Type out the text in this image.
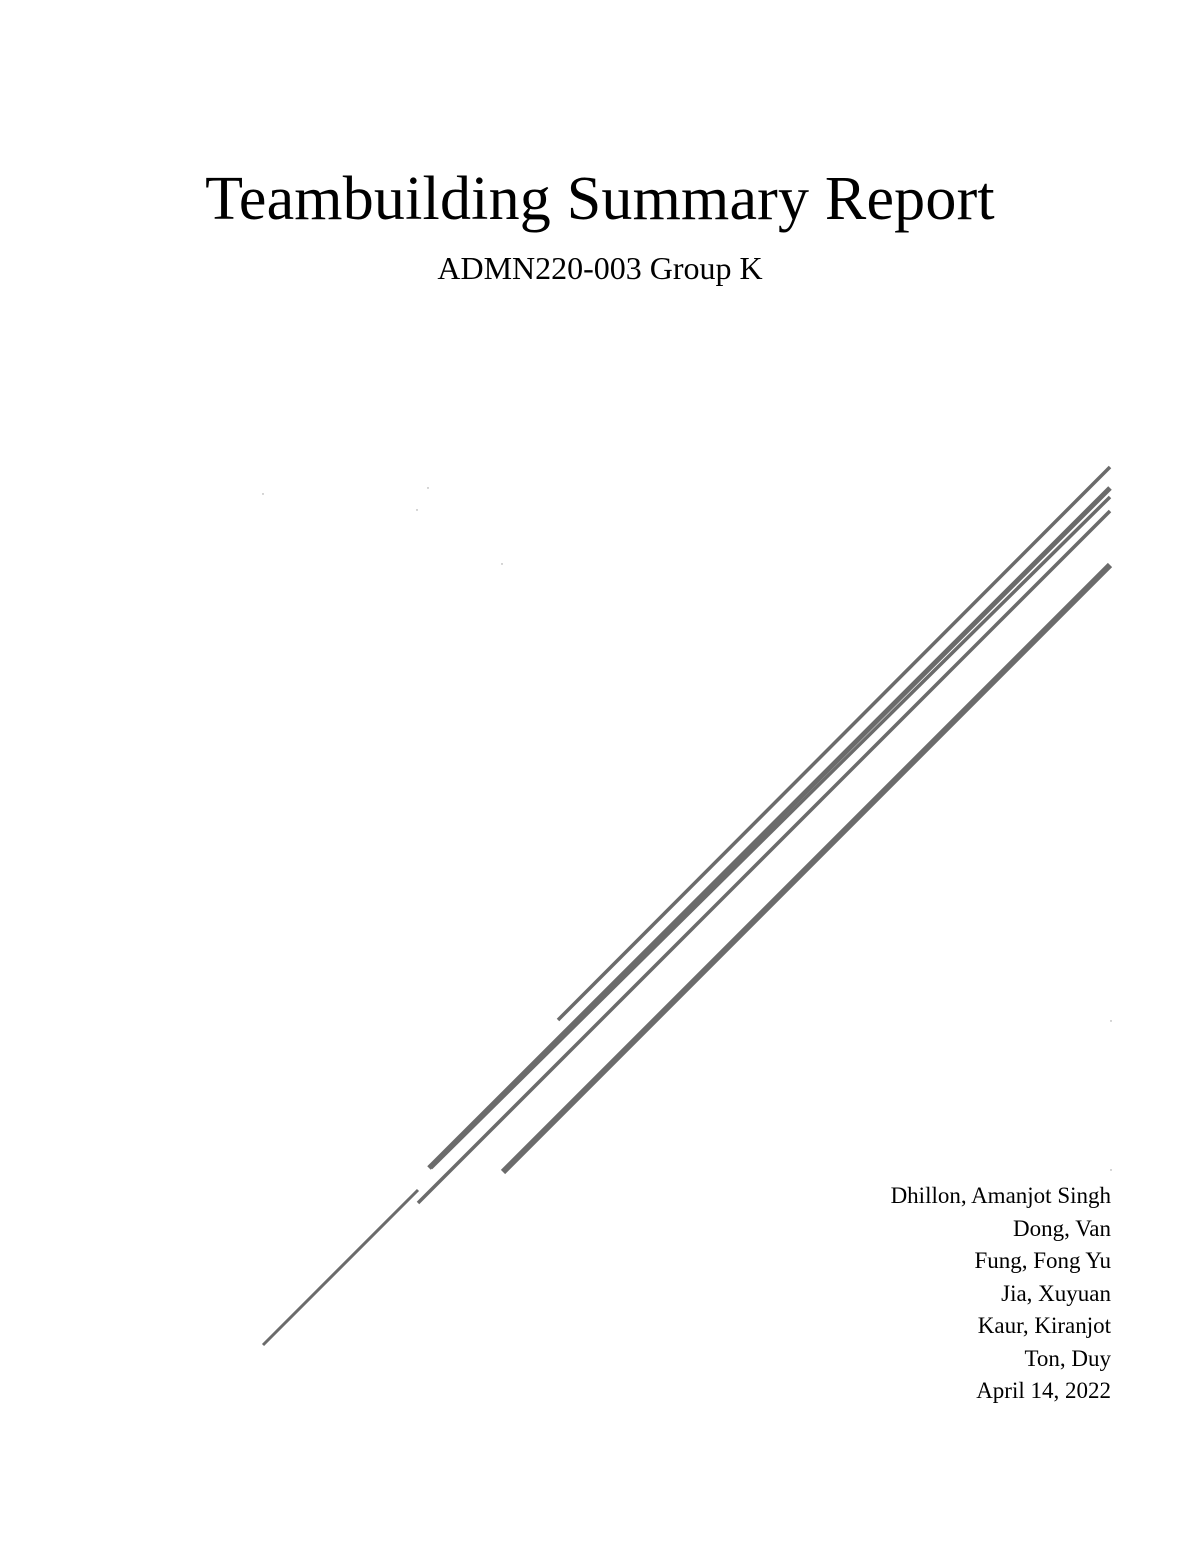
Teambuilding Summary Report
ADMN220-003 Group K
Dhillon, Amanjot Singh
Dong, Van
Fung, Fong Yu
Jia, Xuyuan
Kaur, Kiranjot
Ton, Duy
April 14, 2022
